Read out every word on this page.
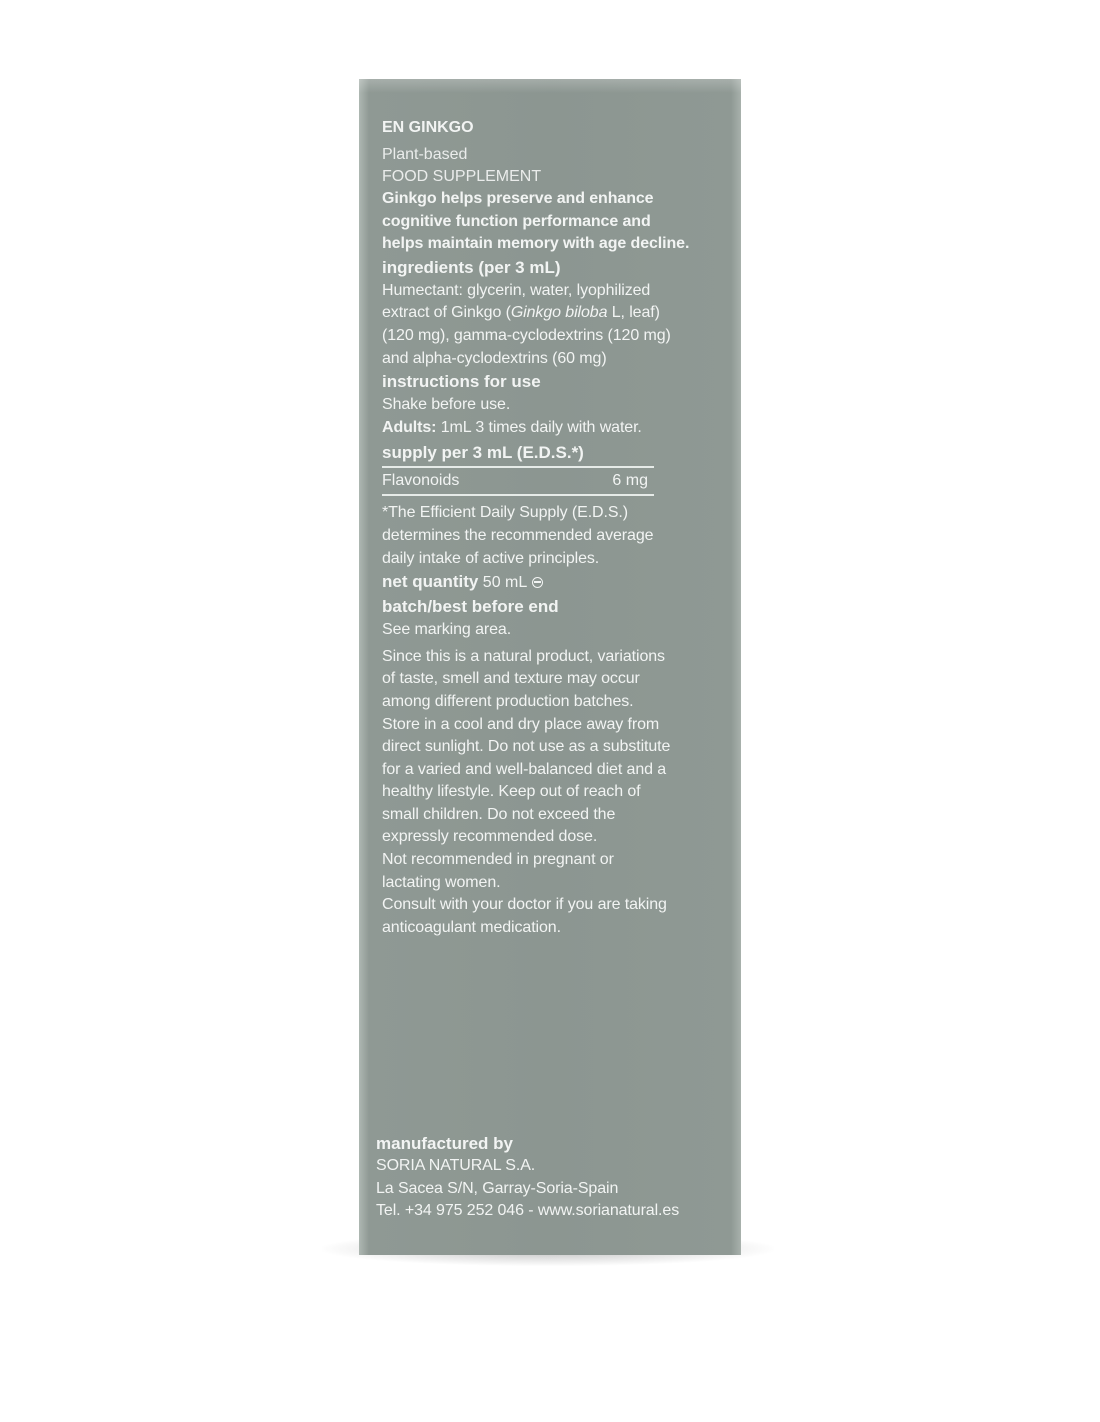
EN GINKGO

Plant-based

FOOD SUPPLEMENT

Ginkgo helps preserve and enhance

cognitive function performance and

helps maintain memory with age decline.

ingredients (per 3 mL)

Humectant: glycerin, water, lyophilized

extract of Ginkgo (Ginkgo biloba L, leaf)

(120 mg), gamma-cyclodextrins (120 mg)

and alpha-cyclodextrins (60 mg)

instructions for use

Shake before use.

Adults: 1mL 3 times daily with water.

supply per 3 mL (E.D.S.*)

Flavonoids	6 mg

*The Efficient Daily Supply (E.D.S.)

determines the recommended average

daily intake of active principles.

net quantity 50 mL

batch/best before end

See marking area.

Since this is a natural product, variations

of taste, smell and texture may occur

among different production batches.

Store in a cool and dry place away from

direct sunlight. Do not use as a substitute

for a varied and well-balanced diet and a

healthy lifestyle. Keep out of reach of

small children. Do not exceed the

expressly recommended dose.

Not recommended in pregnant or

lactating women.

Consult with your doctor if you are taking

anticoagulant medication.

manufactured by

SORIA NATURAL S.A.

La Sacea S/N, Garray-Soria-Spain

Tel. +34 975 252 046 - www.sorianatural.es
